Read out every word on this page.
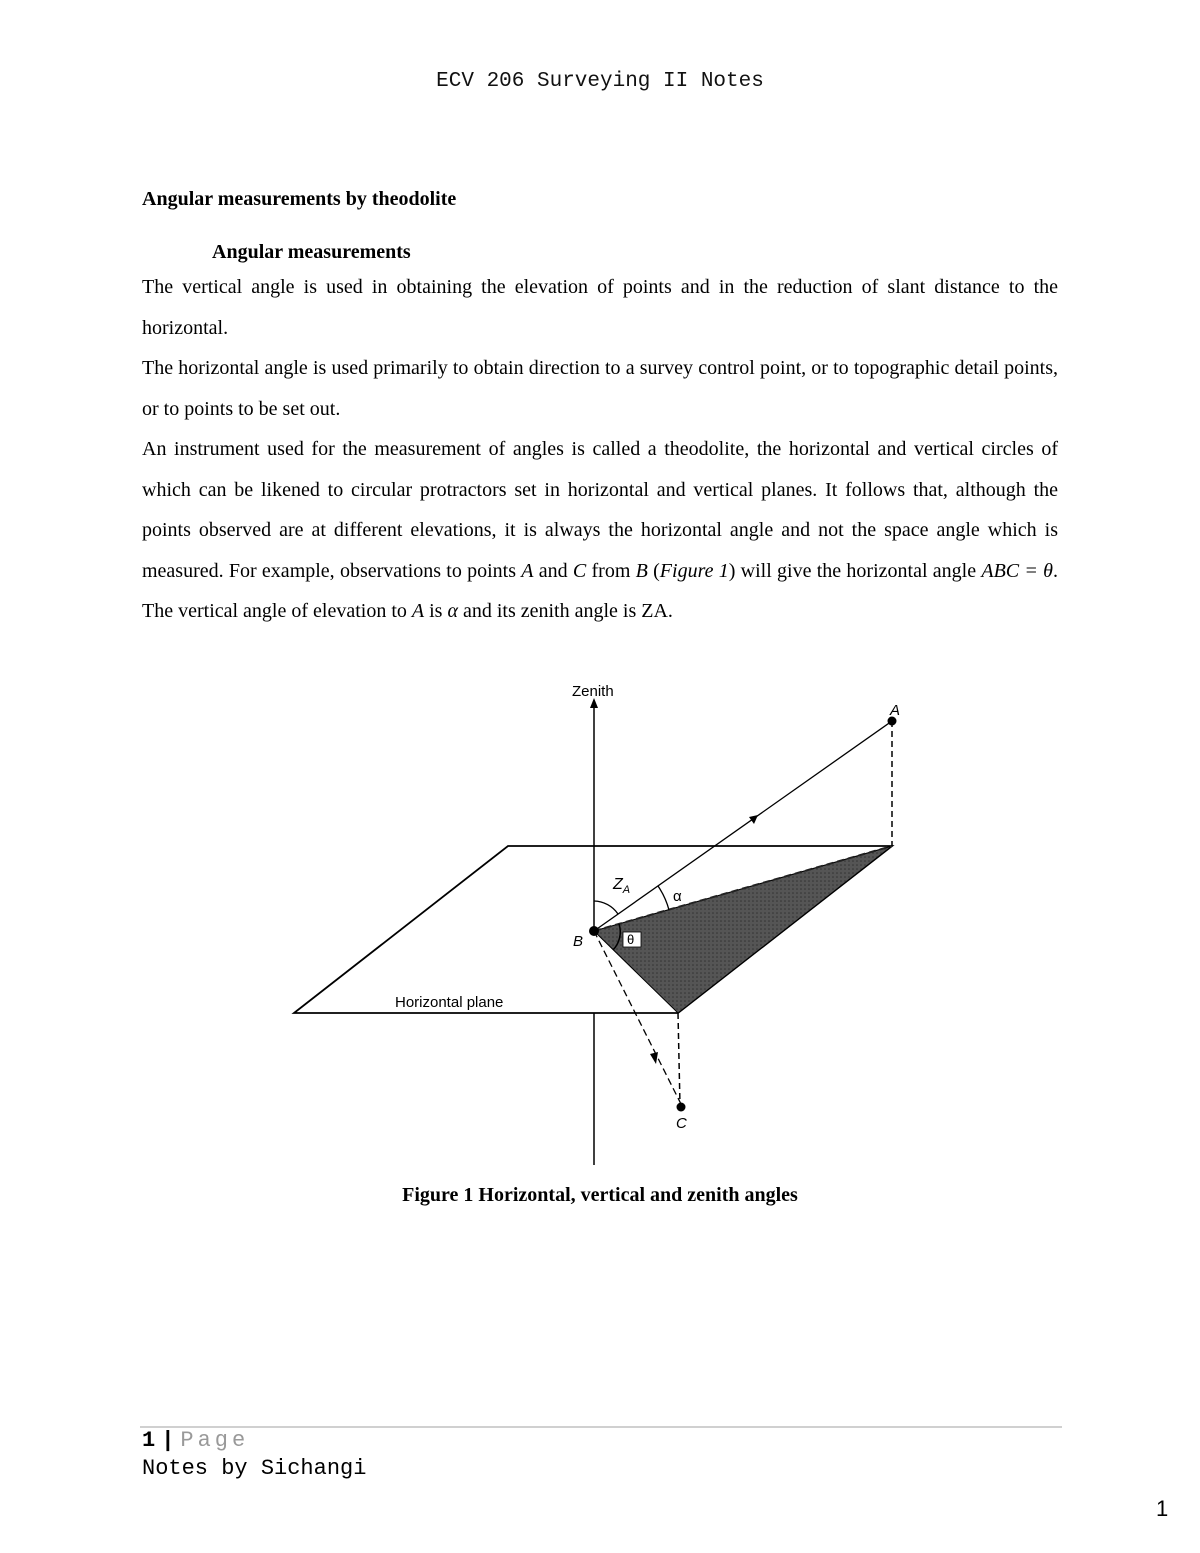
ECV 206 Surveying II Notes
Angular measurements by theodolite
Angular measurements

The vertical angle is used in obtaining the elevation of points and in the reduction of slant distance to the horizontal.

The horizontal angle is used primarily to obtain direction to a survey control point, or to topographic detail points, or to points to be set out.

An instrument used for the measurement of angles is called a theodolite, the horizontal and vertical circles of which can be likened to circular protractors set in horizontal and vertical planes. It follows that, although the points observed are at different elevations, it is always the horizontal angle and not the space angle which is measured. For example, observations to points A and C from B (Figure 1) will give the horizontal angle ABC = θ. The vertical angle of elevation to A is α and its zenith angle is ZA.

Zenith
A
B
C
$Z_A$	α
θ
Horizontal plane
Figure 1 Horizontal, vertical and zenith angles
1 | Page
Notes by Sichangi
1
